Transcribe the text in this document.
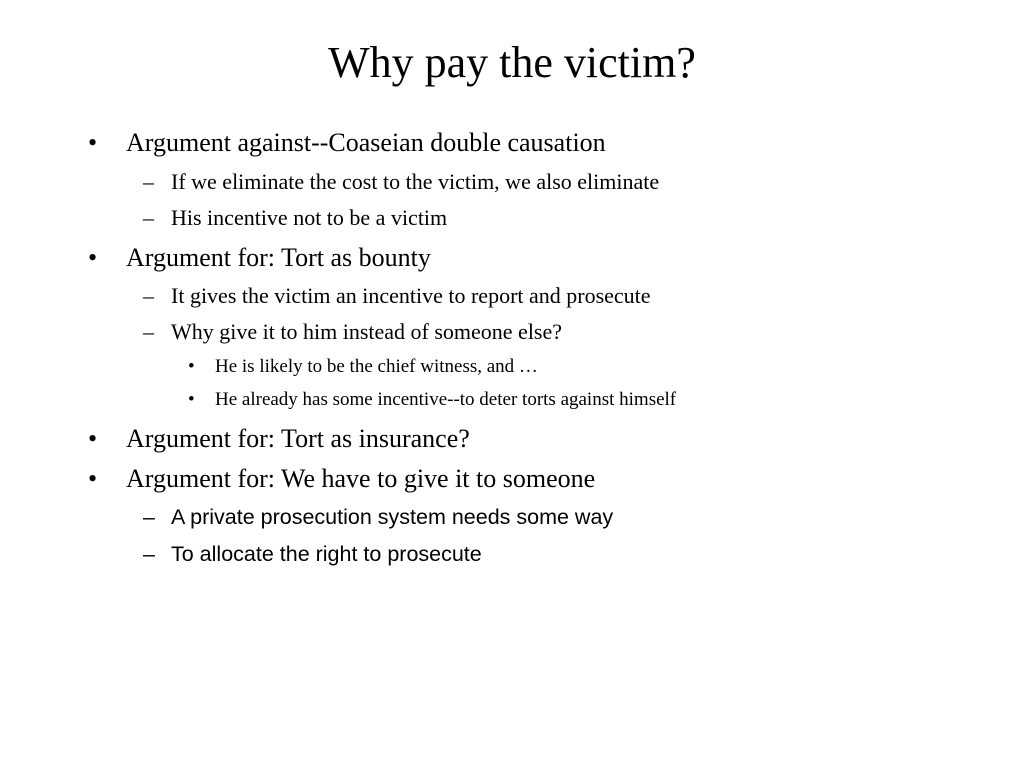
Why pay the victim?
• Argument against--Coaseian double causation
– If we eliminate the cost to the victim, we also eliminate
– His incentive not to be a victim
• Argument for: Tort as bounty
– It gives the victim an incentive to report and prosecute
– Why give it to him instead of someone else?
• He is likely to be the chief witness, and …
• He already has some incentive--to deter torts against himself
• Argument for: Tort as insurance?
• Argument for: We have to give it to someone
– A private prosecution system needs some way
– To allocate the right to prosecute
